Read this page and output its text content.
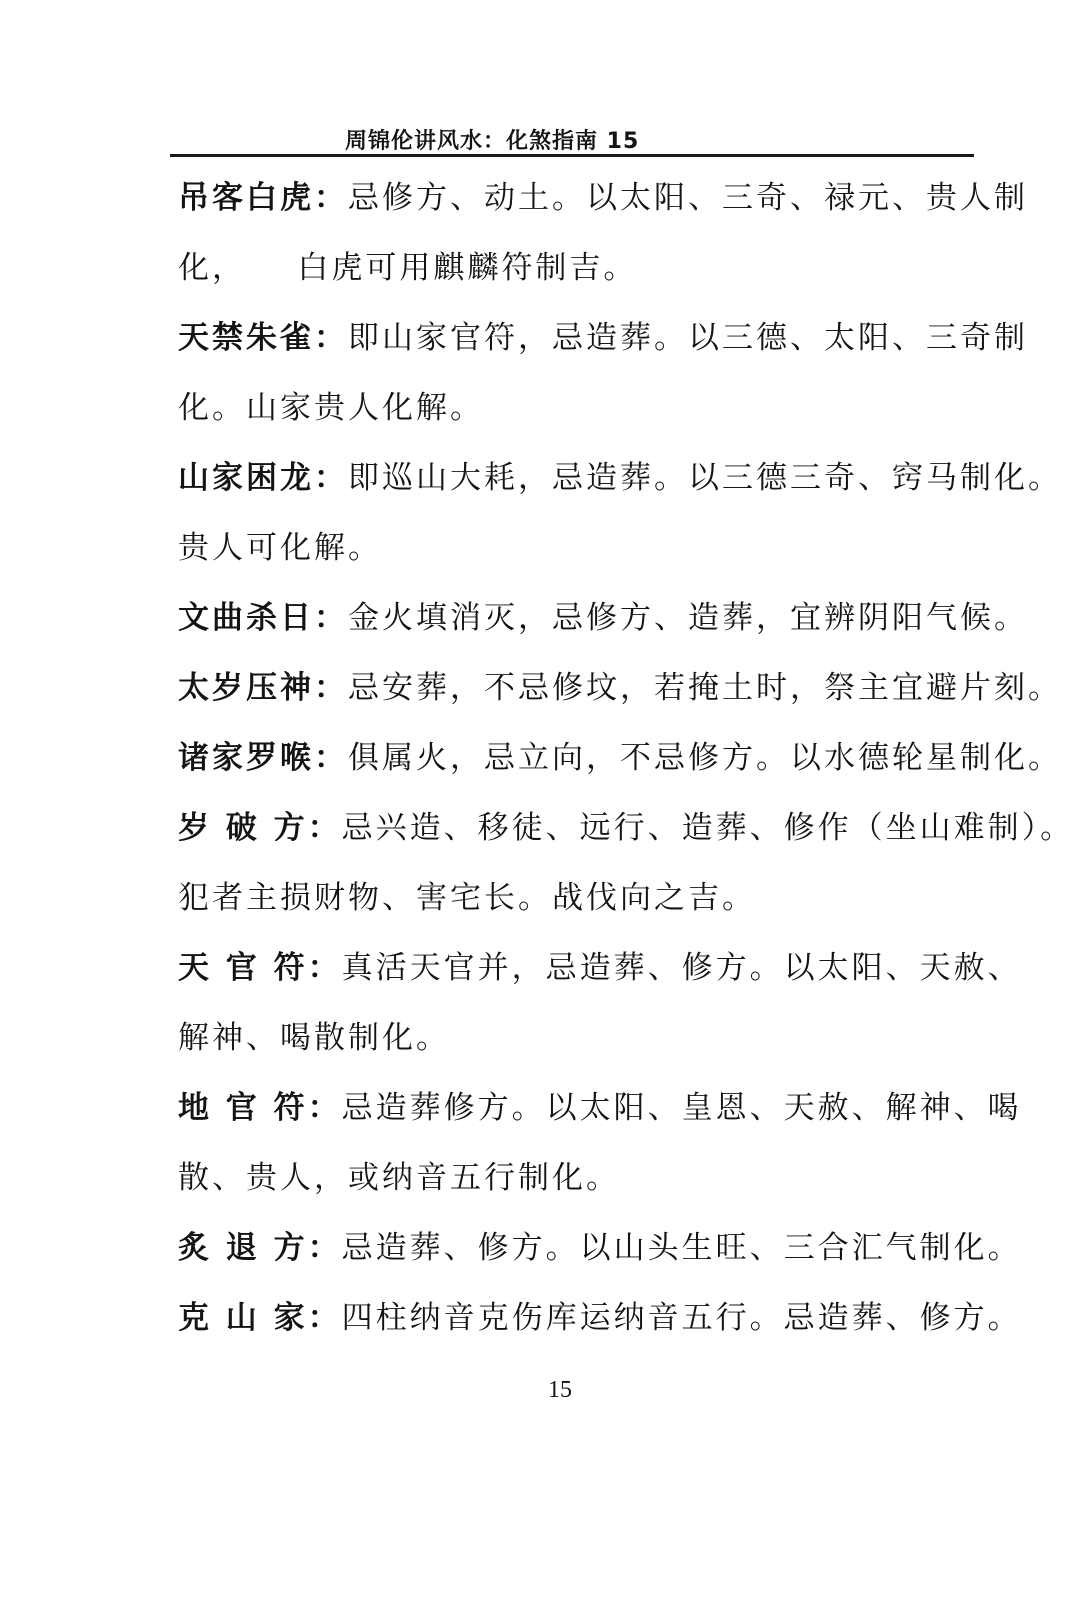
周锦伦讲风水：化煞指南 15
吊客白虎：忌修方、动土。以太阳、三奇、禄元、贵人制
化，    白虎可用麒麟符制吉。
天禁朱雀：即山家官符，忌造葬。以三德、太阳、三奇制
化。山家贵人化解。
山家困龙：即巡山大耗，忌造葬。以三德三奇、窍马制化。
贵人可化解。
文曲杀日：金火填消灭，忌修方、造葬，宜辨阴阳气候。
太岁压神：忌安葬，不忌修坟，若掩土时，祭主宜避片刻。
诸家罗喉：俱属火，忌立向，不忌修方。以水德轮星制化。
岁 破 方：忌兴造、移徒、远行、造葬、修作（坐山难制）。
犯者主损财物、害宅长。战伐向之吉。
天 官 符：真活天官并，忌造葬、修方。以太阳、天赦、
解神、喝散制化。
地 官 符：忌造葬修方。以太阳、皇恩、天赦、解神、喝
散、贵人，或纳音五行制化。
炙 退 方：忌造葬、修方。以山头生旺、三合汇气制化。
克 山 家：四柱纳音克伤库运纳音五行。忌造葬、修方。
15
